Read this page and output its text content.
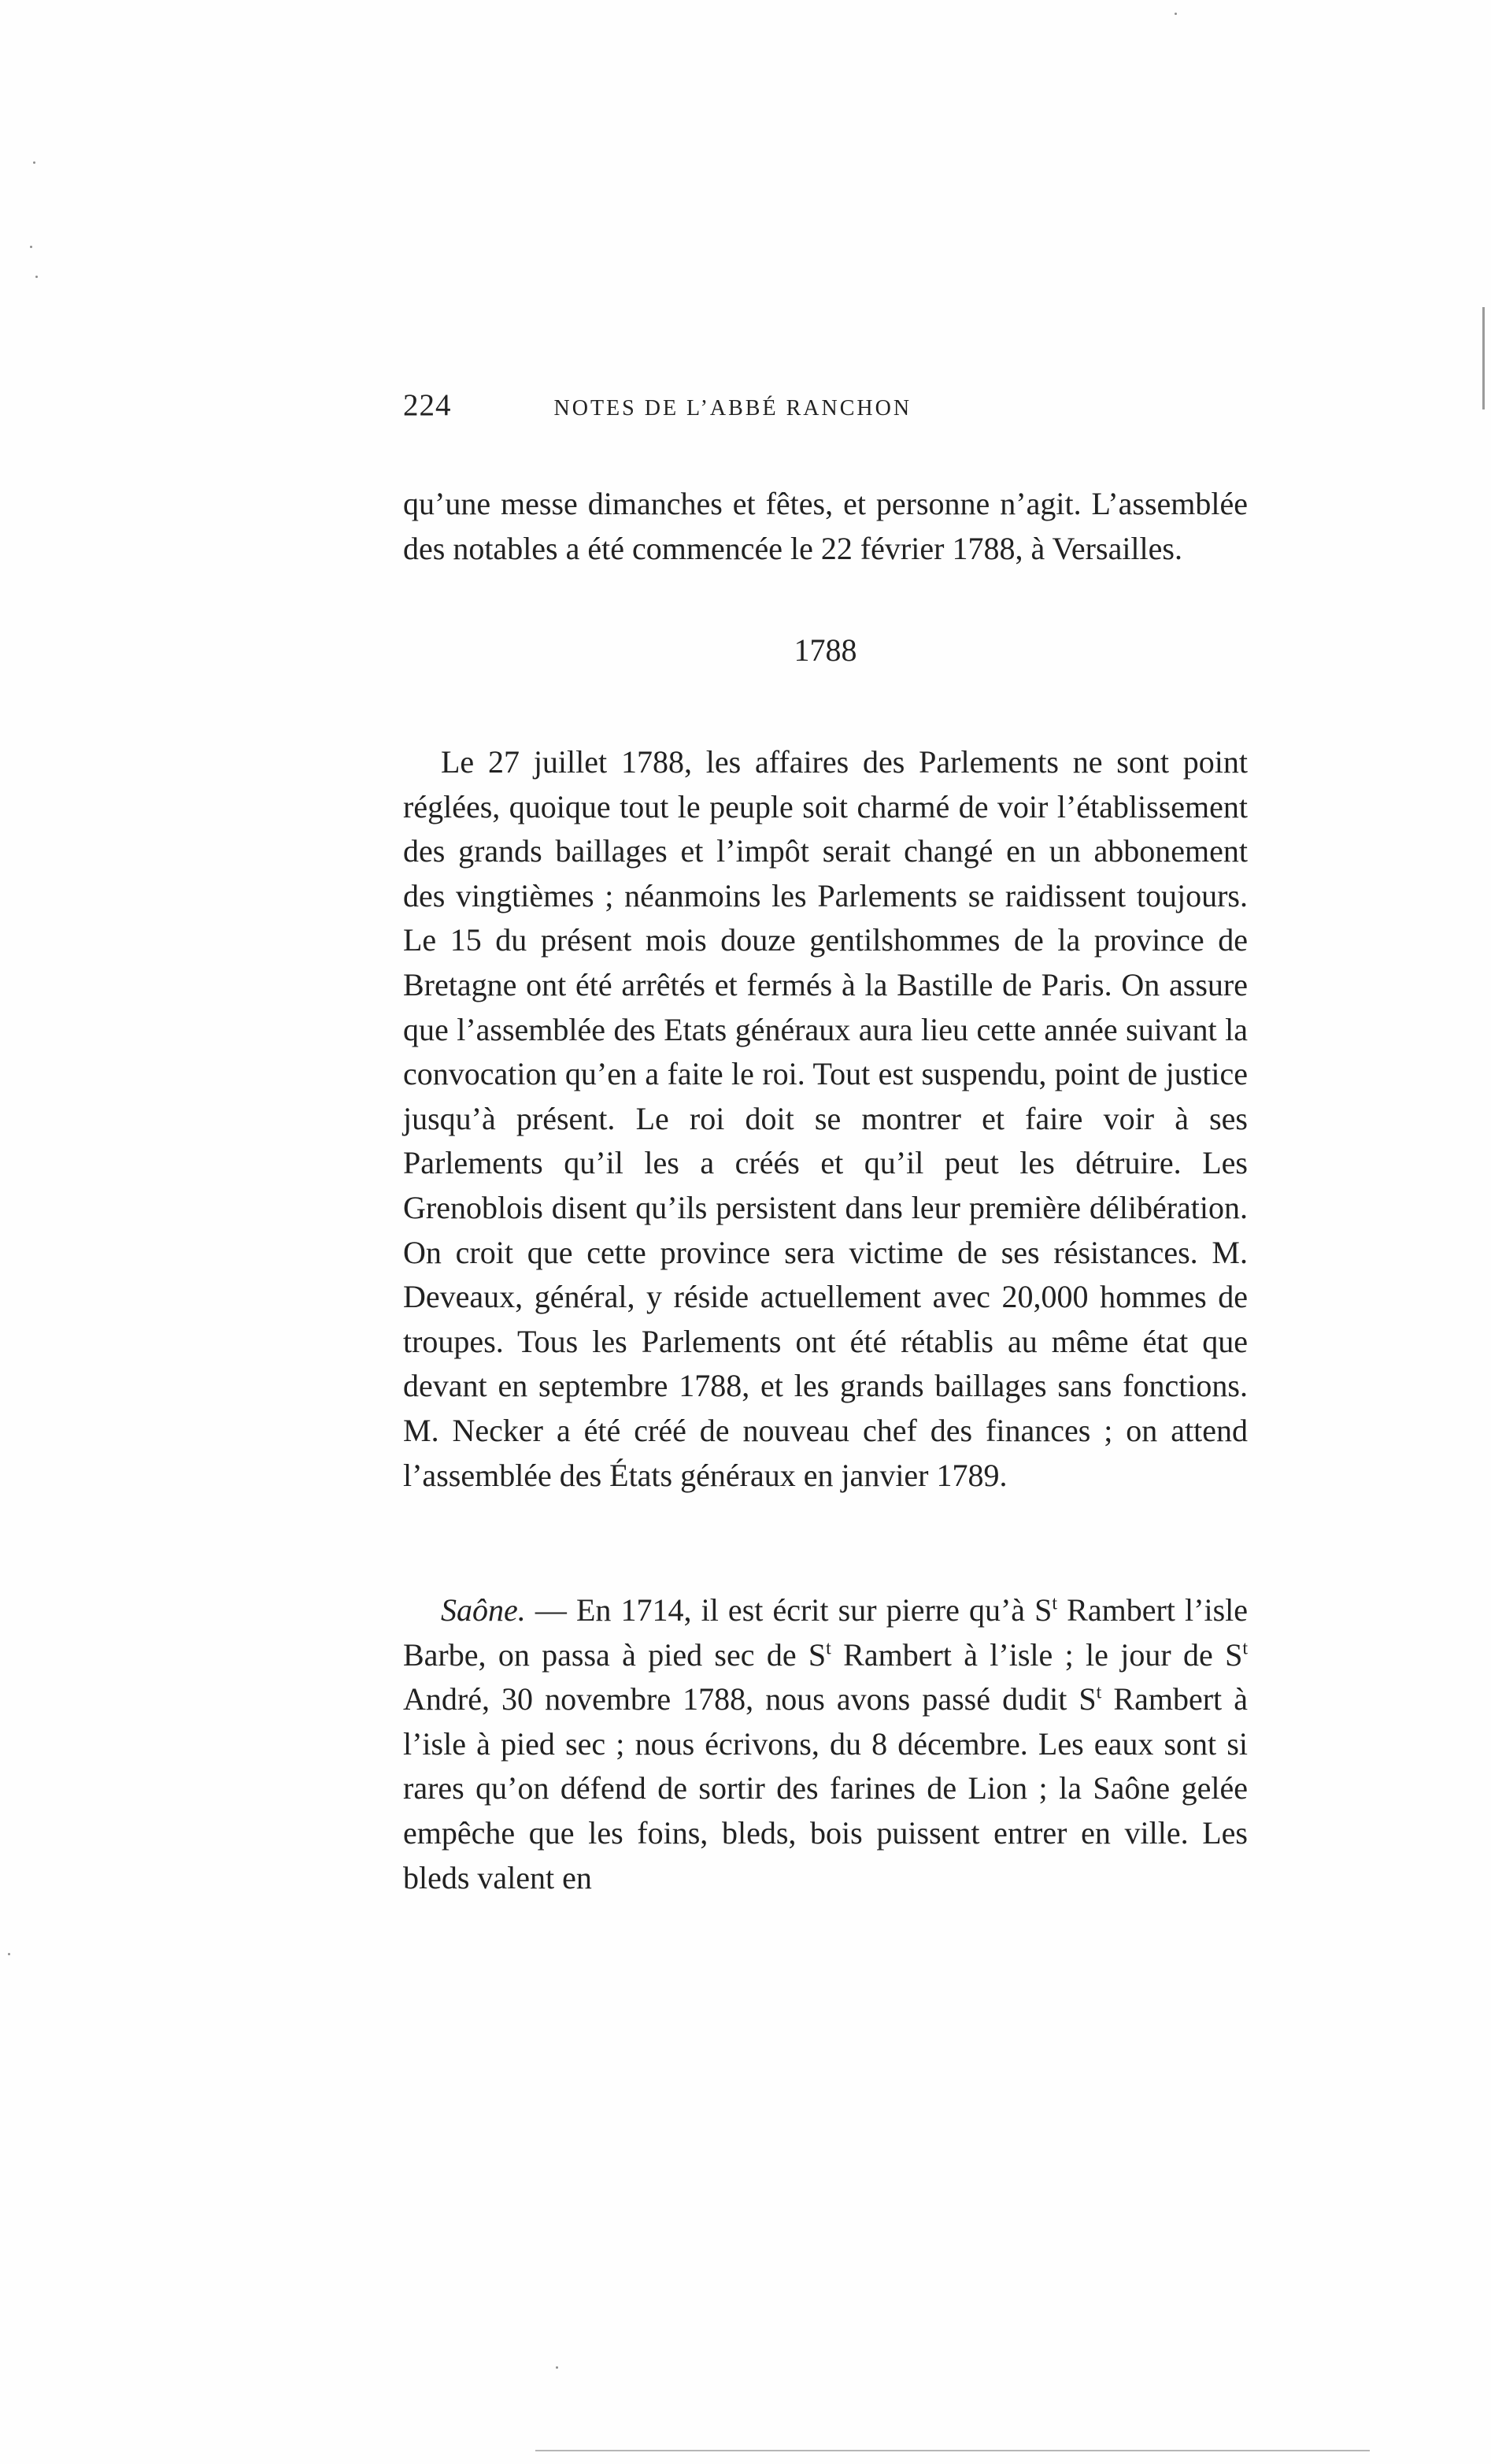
224	NOTES DE L’ABBÉ RANCHON

qu’une messe dimanches et fêtes, et personne n’agit. L’assemblée des notables a été commencée le 22 février 1788, à Versailles.

1788

Le 27 juillet 1788, les affaires des Parlements ne sont point réglées, quoique tout le peuple soit charmé de voir l’établissement des grands baillages et l’impôt serait changé en un abbonement des vingtièmes ; néanmoins les Parlements se raidissent toujours. Le 15 du présent mois douze gentilshommes de la province de Bretagne ont été arrêtés et fermés à la Bastille de Paris. On assure que l’assemblée des Etats généraux aura lieu cette année suivant la convocation qu’en a faite le roi. Tout est suspendu, point de justice jusqu’à présent. Le roi doit se montrer et faire voir à ses Parlements qu’il les a créés et qu’il peut les détruire. Les Grenoblois disent qu’ils persistent dans leur première délibération. On croit que cette province sera victime de ses résistances. M. Deveaux, général, y réside actuellement avec 20,000 hommes de troupes. Tous les Parlements ont été rétablis au même état que devant en septembre 1788, et les grands baillages sans fonctions. M. Necker a été créé de nouveau chef des finances ; on attend l’assemblée des États généraux en janvier 1789.

Saône. — En 1714, il est écrit sur pierre qu’à $S^t$ Rambert l’isle Barbe, on passa à pied sec de $S^t$ Rambert à l’isle ; le jour de $S^t$ André, 30 novembre 1788, nous avons passé dudit $S^t$ Rambert à l’isle à pied sec ; nous écrivons, du 8 décembre. Les eaux sont si rares qu’on défend de sortir des farines de Lion ; la Saône gelée empêche que les foins, bleds, bois puissent entrer en ville. Les bleds valent en
